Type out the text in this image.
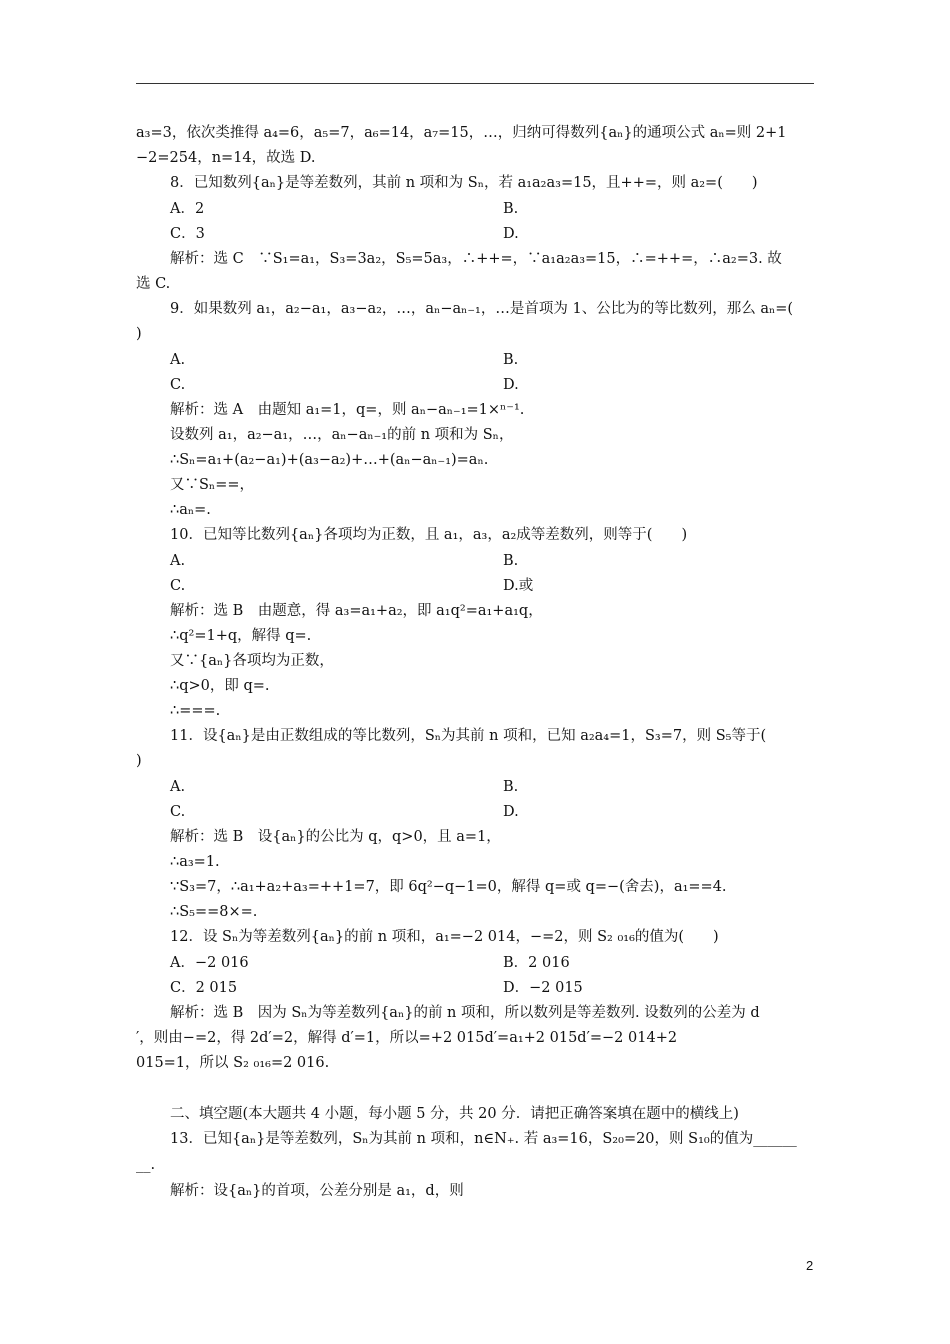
a₃=3，依次类推得 a₄=6，a₅=7，a₆=14，a₇=15，…，归纳可得数列{aₙ}的通项公式 aₙ=则 2+1
−2=254，n=14，故选 D.
8．已知数列{aₙ}是等差数列，其前 n 项和为 Sₙ，若 a₁a₂a₃=15，且++=，则 a₂=(　　)
A．2	B.
C．3	D.
解析：选 C　∵S₁=a₁，S₃=3a₂，S₅=5a₃，∴++=，∵a₁a₂a₃=15，∴=++=，∴a₂=3. 故
选 C.
9．如果数列 a₁，a₂−a₁，a₃−a₂，…，aₙ−aₙ₋₁，…是首项为 1、公比为的等比数列，那么 aₙ=(
)
A.	B.
C.	D.
解析：选 A　由题知 a₁=1，q=，则 aₙ−aₙ₋₁=1×ⁿ⁻¹.
设数列 a₁，a₂−a₁，…，aₙ−aₙ₋₁的前 n 项和为 Sₙ，
∴Sₙ=a₁+(a₂−a₁)+(a₃−a₂)+…+(aₙ−aₙ₋₁)=aₙ.
又∵Sₙ==，
∴aₙ=.
10．已知等比数列{aₙ}各项均为正数，且 a₁，a₃，a₂成等差数列，则等于(　　)
A.	B.
C.	D.或
解析：选 B　由题意，得 a₃=a₁+a₂，即 a₁q²=a₁+a₁q，
∴q²=1+q，解得 q=.
又∵{aₙ}各项均为正数，
∴q>0，即 q=.
∴===.
11．设{aₙ}是由正数组成的等比数列，Sₙ为其前 n 项和，已知 a₂a₄=1，S₃=7，则 S₅等于(
)
A.	B.
C.	D.
解析：选 B　设{aₙ}的公比为 q，q>0，且 a=1，
∴a₃=1.
∵S₃=7，∴a₁+a₂+a₃=++1=7，即 6q²−q−1=0，解得 q=或 q=−(舍去)，a₁==4.
∴S₅==8×=.
12．设 Sₙ为等差数列{aₙ}的前 n 项和，a₁=−2 014，−=2，则 S₂ ₀₁₆的值为(　　)
A．−2 016	B．2 016
C．2 015	D．−2 015
解析：选 B　因为 Sₙ为等差数列{aₙ}的前 n 项和，所以数列是等差数列. 设数列的公差为 d
′，则由−=2，得 2d′=2，解得 d′=1，所以=+2 015d′=a₁+2 015d′=−2 014+2
015=1，所以 S₂ ₀₁₆=2 016.
二、填空题(本大题共 4 小题，每小题 5 分，共 20 分．请把正确答案填在题中的横线上)
13．已知{aₙ}是等差数列，Sₙ为其前 n 项和，n∈N₊. 若 a₃=16，S₂₀=20，则 S₁₀的值为______
__.
解析：设{aₙ}的首项，公差分别是 a₁，d，则
2
